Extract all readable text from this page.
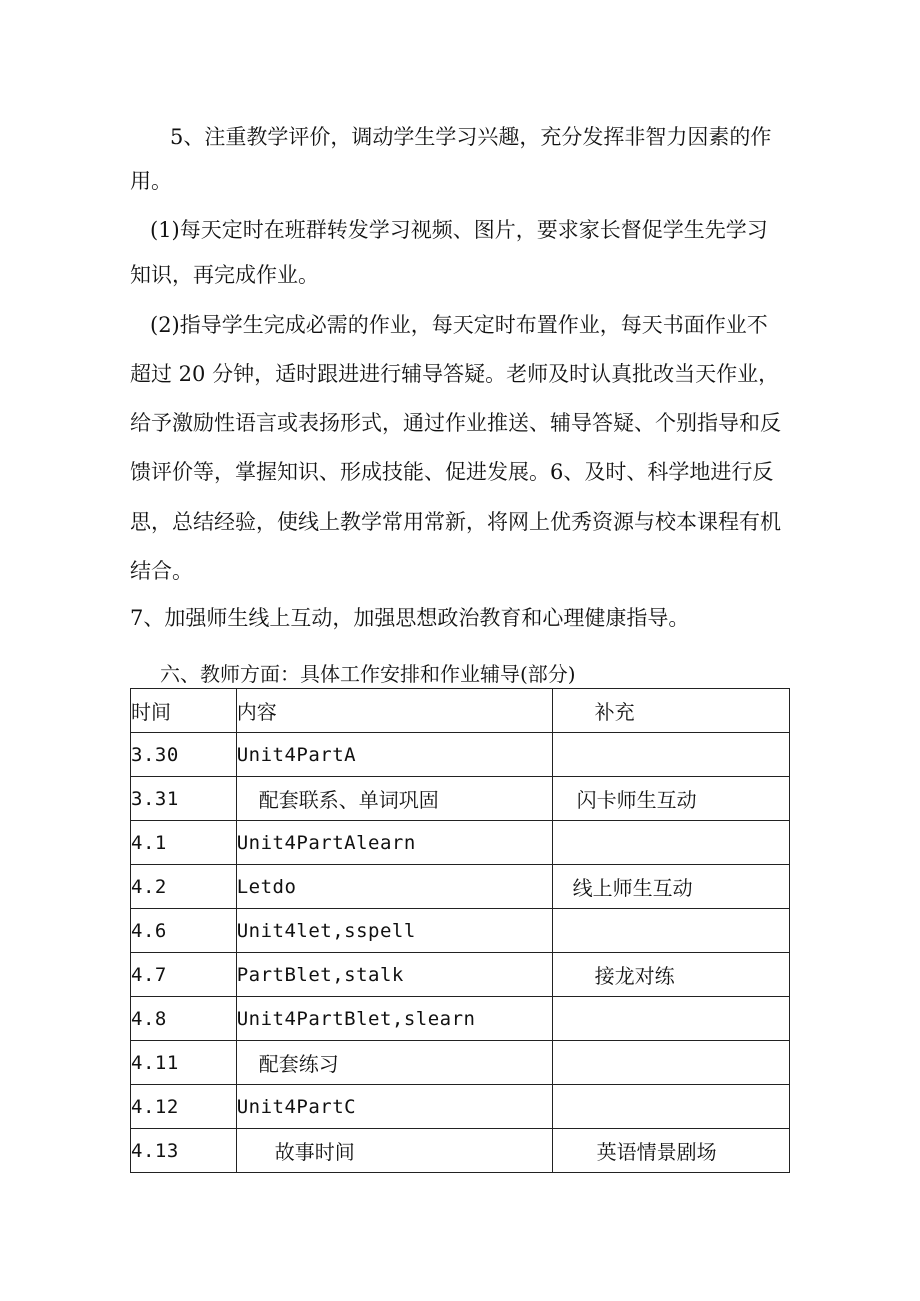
5、注重教学评价，调动学生学习兴趣，充分发挥非智力因素的作
用。
(1)每天定时在班群转发学习视频、图片，要求家长督促学生先学习
知识，再完成作业。
(2)指导学生完成必需的作业，每天定时布置作业，每天书面作业不
超过 20 分钟，适时跟进进行辅导答疑。老师及时认真批改当天作业，
给予激励性语言或表扬形式，通过作业推送、辅导答疑、个别指导和反
馈评价等，掌握知识、形成技能、促进发展。6、及时、科学地进行反
思，总结经验，使线上教学常用常新，将网上优秀资源与校本课程有机
结合。
7、加强师生线上互动，加强思想政治教育和心理健康指导。
六、教师方面：具体工作安排和作业辅导(部分)
时间	内容	补充
3.30	Unit4PartA	
3.31	配套联系、单词巩固	闪卡师生互动
4.1	Unit4PartAlearn	
4.2	Letdo	线上师生互动
4.6	Unit4let,sspell	
4.7	PartBlet,stalk	接龙对练
4.8	Unit4PartBlet,slearn	
4.11	配套练习	
4.12	Unit4PartC	
4.13	故事时间	英语情景剧场
